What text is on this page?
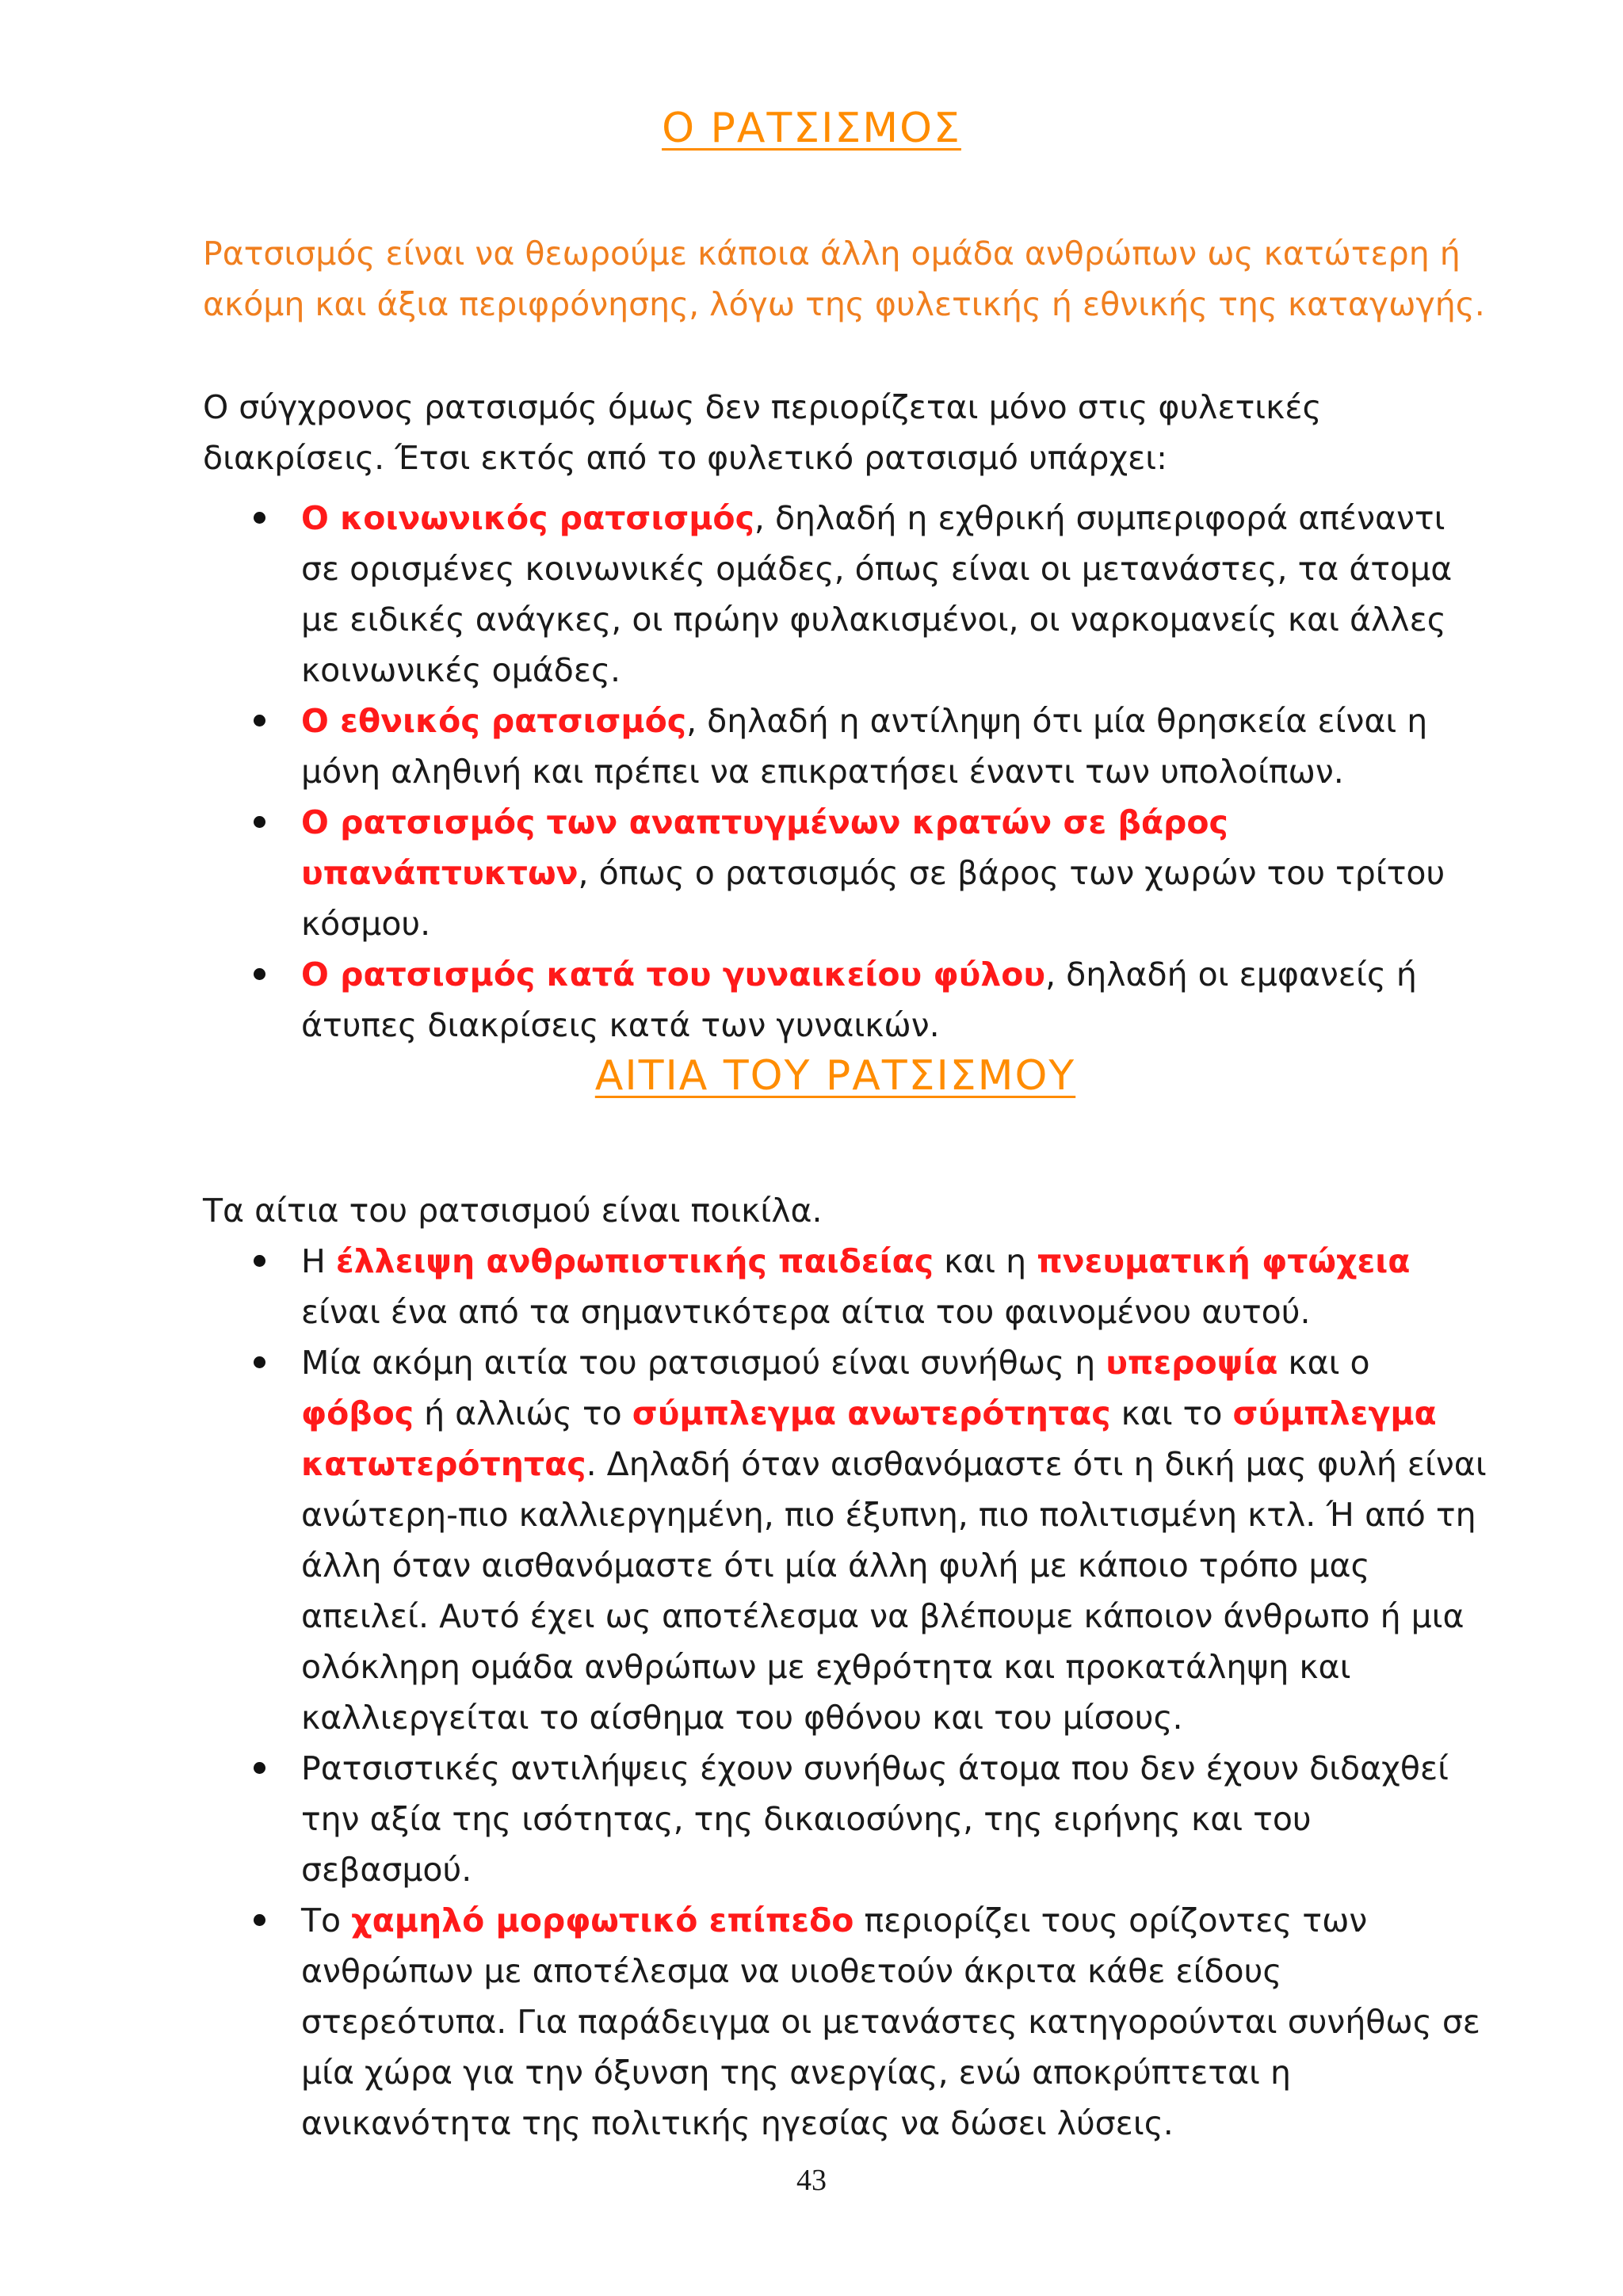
Ο ΡΑΤΣΙΣΜΟΣ

Ρατσισμός είναι να θεωρούμε κάποια άλλη ομάδα ανθρώπων ως κατώτερη ή ακόμη και άξια περιφρόνησης, λόγω της φυλετικής ή εθνικής της καταγωγής.

Ο σύγχρονος ρατσισμός όμως δεν περιορίζεται μόνο στις φυλετικές διακρίσεις. Έτσι εκτός από το φυλετικό ρατσισμό υπάρχει:

Ο κοινωνικός ρατσισμός, δηλαδή η εχθρική συμπεριφορά απέναντι σε ορισμένες κοινωνικές ομάδες, όπως είναι οι μετανάστες, τα άτομα με ειδικές ανάγκες, οι πρώην φυλακισμένοι, οι ναρκομανείς και άλλες κοινωνικές ομάδες.
Ο εθνικός ρατσισμός, δηλαδή η αντίληψη ότι μία θρησκεία είναι η μόνη αληθινή και πρέπει να επικρατήσει έναντι των υπολοίπων.
Ο ρατσισμός των αναπτυγμένων κρατών σε βάρος υπανάπτυκτων, όπως ο ρατσισμός σε βάρος των χωρών του τρίτου κόσμου.
Ο ρατσισμός κατά του γυναικείου φύλου, δηλαδή οι εμφανείς ή άτυπες διακρίσεις κατά των γυναικών.
ΑΙΤΙΑ ΤΟΥ ΡΑΤΣΙΣΜΟΥ

Τα αίτια του ρατσισμού είναι ποικίλα.

Η έλλειψη ανθρωπιστικής παιδείας και η πνευματική φτώχεια είναι ένα από τα σημαντικότερα αίτια του φαινομένου αυτού.
Μία ακόμη αιτία του ρατσισμού είναι συνήθως η υπεροψία και ο φόβος ή αλλιώς το σύμπλεγμα ανωτερότητας και το σύμπλεγμα κατωτερότητας. Δηλαδή όταν αισθανόμαστε ότι η δική μας φυλή είναι ανώτερη-πιο καλλιεργημένη, πιο έξυπνη, πιο πολιτισμένη κτλ. Ή από τη άλλη όταν αισθανόμαστε ότι μία άλλη φυλή με κάποιο τρόπο μας απειλεί. Αυτό έχει ως αποτέλεσμα να βλέπουμε κάποιον άνθρωπο ή μια ολόκληρη ομάδα ανθρώπων με εχθρότητα και προκατάληψη και καλλιεργείται το αίσθημα του φθόνου και του μίσους.
Ρατσιστικές αντιλήψεις έχουν συνήθως άτομα που δεν έχουν διδαχθεί την αξία της ισότητας, της δικαιοσύνης, της ειρήνης και του σεβασμού.
Το χαμηλό μορφωτικό επίπεδο περιορίζει τους ορίζοντες των ανθρώπων με αποτέλεσμα να υιοθετούν άκριτα κάθε είδους στερεότυπα. Για παράδειγμα οι μετανάστες κατηγορούνται συνήθως σε μία χώρα για την όξυνση της ανεργίας, ενώ αποκρύπτεται η ανικανότητα της πολιτικής ηγεσίας να δώσει λύσεις.
43
